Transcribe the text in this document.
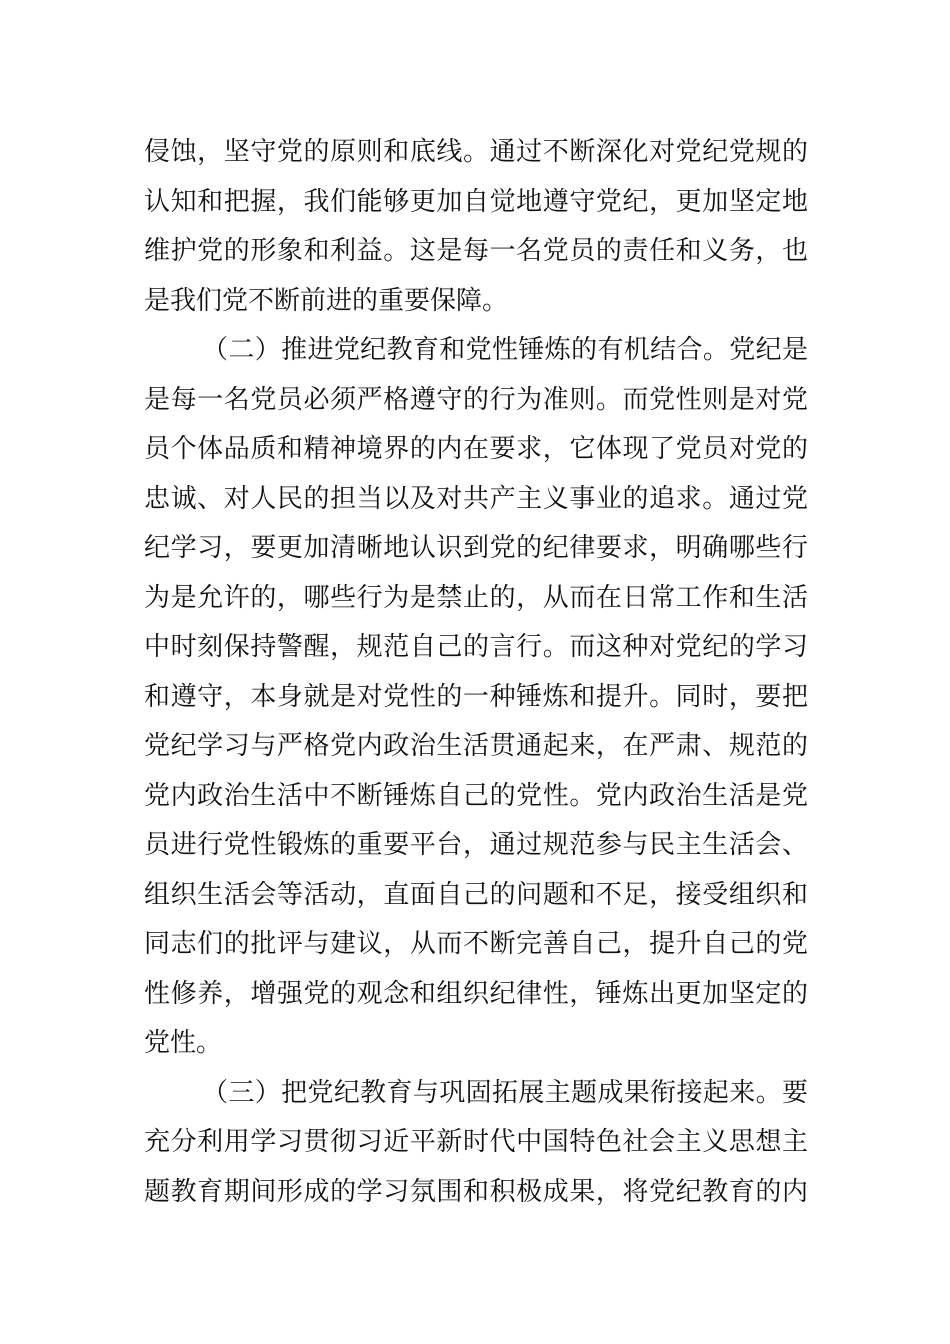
侵蚀，坚守党的原则和底线。通过不断深化对党纪党规的
认知和把握，我们能够更加自觉地遵守党纪，更加坚定地
维护党的形象和利益。这是每一名党员的责任和义务，也
是我们党不断前进的重要保障。
（二）推进党纪教育和党性锤炼的有机结合。党纪是
是每一名党员必须严格遵守的行为准则。而党性则是对党
员个体品质和精神境界的内在要求，它体现了党员对党的
忠诚、对人民的担当以及对共产主义事业的追求。通过党
纪学习，要更加清晰地认识到党的纪律要求，明确哪些行
为是允许的，哪些行为是禁止的，从而在日常工作和生活
中时刻保持警醒，规范自己的言行。而这种对党纪的学习
和遵守，本身就是对党性的一种锤炼和提升。同时，要把
党纪学习与严格党内政治生活贯通起来，在严肃、规范的
党内政治生活中不断锤炼自己的党性。党内政治生活是党
员进行党性锻炼的重要平台，通过规范参与民主生活会、
组织生活会等活动，直面自己的问题和不足，接受组织和
同志们的批评与建议，从而不断完善自己，提升自己的党
性修养，增强党的观念和组织纪律性，锤炼出更加坚定的
党性。
（三）把党纪教育与巩固拓展主题成果衔接起来。要
充分利用学习贯彻习近平新时代中国特色社会主义思想主
题教育期间形成的学习氛围和积极成果，将党纪教育的内
